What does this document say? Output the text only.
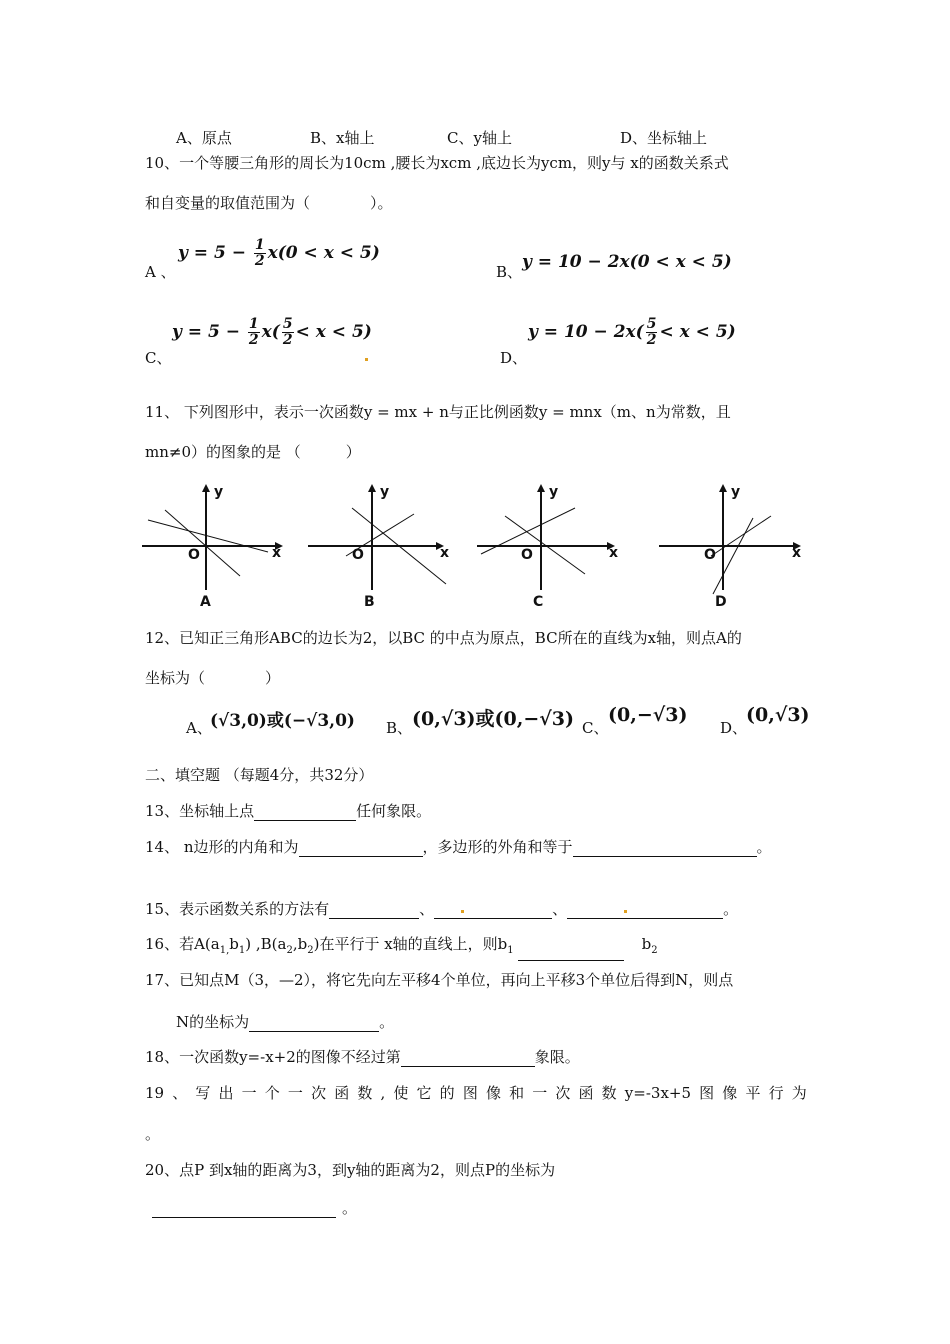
A、原点	B、x轴上	C、y轴上	D、坐标轴上
10、一个等腰三角形的周长为10cm ,腰长为xcm ,底边长为ycm，则y与 x的函数关系式
和自变量的取值范围为（　　　　）。
A 、
$y = 5 - \frac{1}{2} x(0 < x < 5)$
B、 y = 10 − 2x(0 < x < 5)
C、
$y = 5 - \frac{1}{2} x( \frac{5}{2} < x < 5)$
D、
$y = 10 - 2x( \frac{5}{2} < x < 5)$
11、 下列图形中，表示一次函数y = mx + n与正比例函数y = mnx（m、n为常数，且
mn≠0）的图象的是 （　　　）
y
x
O
A
y
x
O
B
y
x
O
C
y
x
O
D
12、已知正三角形ABC的边长为2，以BC 的中点为原点，BC所在的直线为x轴，则点A的
坐标为（　　　　）
A、
(√3,0)或(−√3,0) B、 (0,√3)或(0,−√3) C、
(0,−√3)
D、
(0,√3)
二、填空题 （每题4分，共32分）
13、坐标轴上点	任何象限。
14、 n边形的内角和为	，多边形的外角和等于	。
15、表示函数关系的方法有	、	、	。
16、若$A(a_{1,}b_1)$ $,B(a_2,b_2)$在平行于 x轴的直线上，则$b_1$	$b_2$
17、已知点M（3，—2），将它先向左平移4个单位，再向上平移3个单位后得到N，则点
N的坐标为	。
18、一次函数y=-x+2的图像不经过第	象限。
19 、 写 出 一 个 一 次 函 数 , 使 它 的 图 像 和 一 次 函 数 y=-3x+5 图 像 平 行 为
。
20、点P 到x轴的距离为3，到y轴的距离为2，则点P的坐标为
。
